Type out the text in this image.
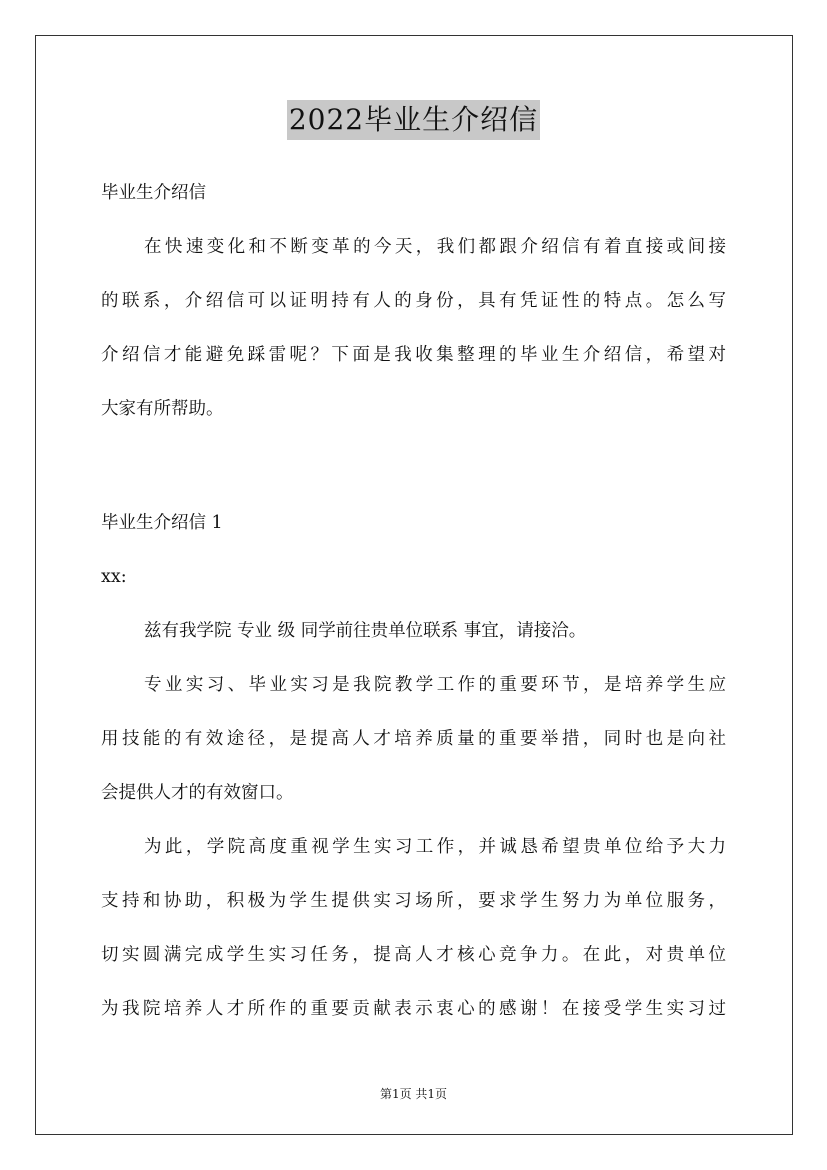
2022毕业生介绍信

毕业生介绍信

在快速变化和不断变革的今天，我们都跟介绍信有着直接或间接

的联系，介绍信可以证明持有人的身份，具有凭证性的特点。怎么写

介绍信才能避免踩雷呢？下面是我收集整理的毕业生介绍信，希望对

大家有所帮助。

毕业生介绍信 1

xx:

兹有我学院 专业 级 同学前往贵单位联系 事宜，请接洽。

专业实习、毕业实习是我院教学工作的重要环节，是培养学生应

用技能的有效途径，是提高人才培养质量的重要举措，同时也是向社

会提供人才的有效窗口。

为此，学院高度重视学生实习工作，并诚恳希望贵单位给予大力

支持和协助，积极为学生提供实习场所，要求学生努力为单位服务，

切实圆满完成学生实习任务，提高人才核心竞争力。在此，对贵单位

为我院培养人才所作的重要贡献表示衷心的感谢！在接受学生实习过

第1页 共1页
